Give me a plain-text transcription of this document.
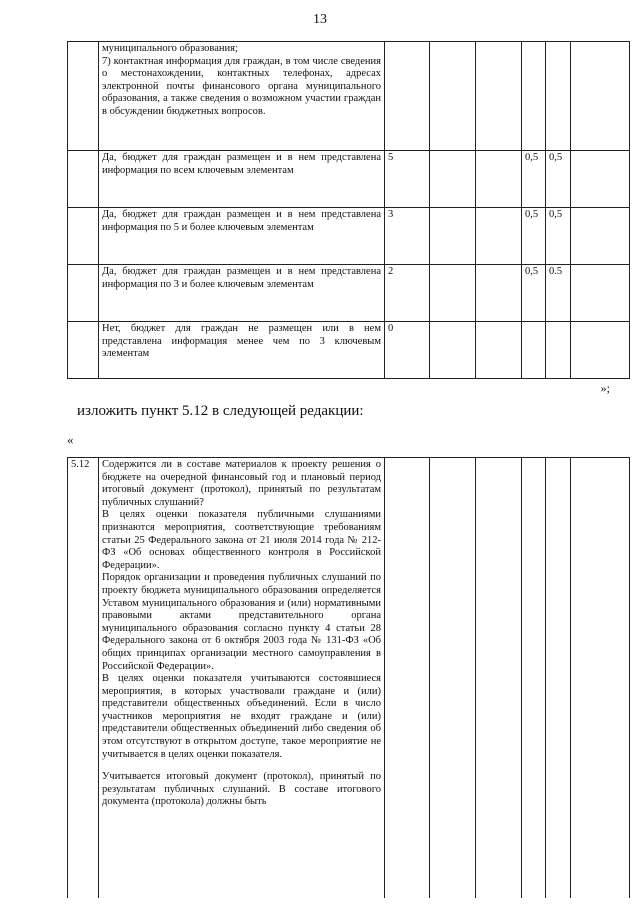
13
	муниципального образования;
7) контактная информация для граждан, в том числе сведения о местонахождении, контактных телефонах, адресах электронной почты финансового органа муниципального образования, а также сведения о возможном участии граждан в обсуждении бюджетных вопросов.						
	Да, бюджет для граждан размещен и в нем представлена информация по всем ключевым элементам	5			0,5	0,5	
	Да, бюджет для граждан размещен и в нем представлена информация по 5 и более ключевым элементам	3			0,5	0,5	
	Да, бюджет для граждан размещен и в нем представлена информация по 3 и более ключевым элементам	2			0,5	0.5	
	Нет, бюджет для граждан не размещен или в нем представлена информация менее чем по 3 ключевым элементам	0					
»;
изложить пункт 5.12 в следующей редакции:
«
5.12	Содержится ли в составе материалов к проекту решения о бюджете на очередной финансовый год и плановый период итоговый документ (протокол), принятый по результатам публичных слушаний?
В целях оценки показателя публичными слушаниями признаются мероприятия, соответствующие требованиям статьи 25 Федерального закона от 21 июля 2014 года № 212-ФЗ «Об основах общественного контроля в Российской Федерации».
Порядок организации и проведения публичных слушаний по проекту бюджета муниципального образования определяется Уставом муниципального образования и (или) нормативными правовыми актами представительного органа муниципального образования согласно пункту 4 статьи 28 Федерального закона от 6 октября 2003 года № 131-ФЗ «Об общих принципах организации местного самоуправления в Российской Федерации».
В целях оценки показателя учитываются состоявшиеся мероприятия, в которых участвовали граждане и (или) представители общественных объединений. Если в число участников мероприятия не входят граждане и (или) представители общественных объединений либо сведения об этом отсутствуют в открытом доступе, такое мероприятие не учитывается в целях оценки показателя.
Учитывается итоговый документ (протокол), принятый по результатам публичных слушаний. В составе итогового документа (протокола) должны быть
